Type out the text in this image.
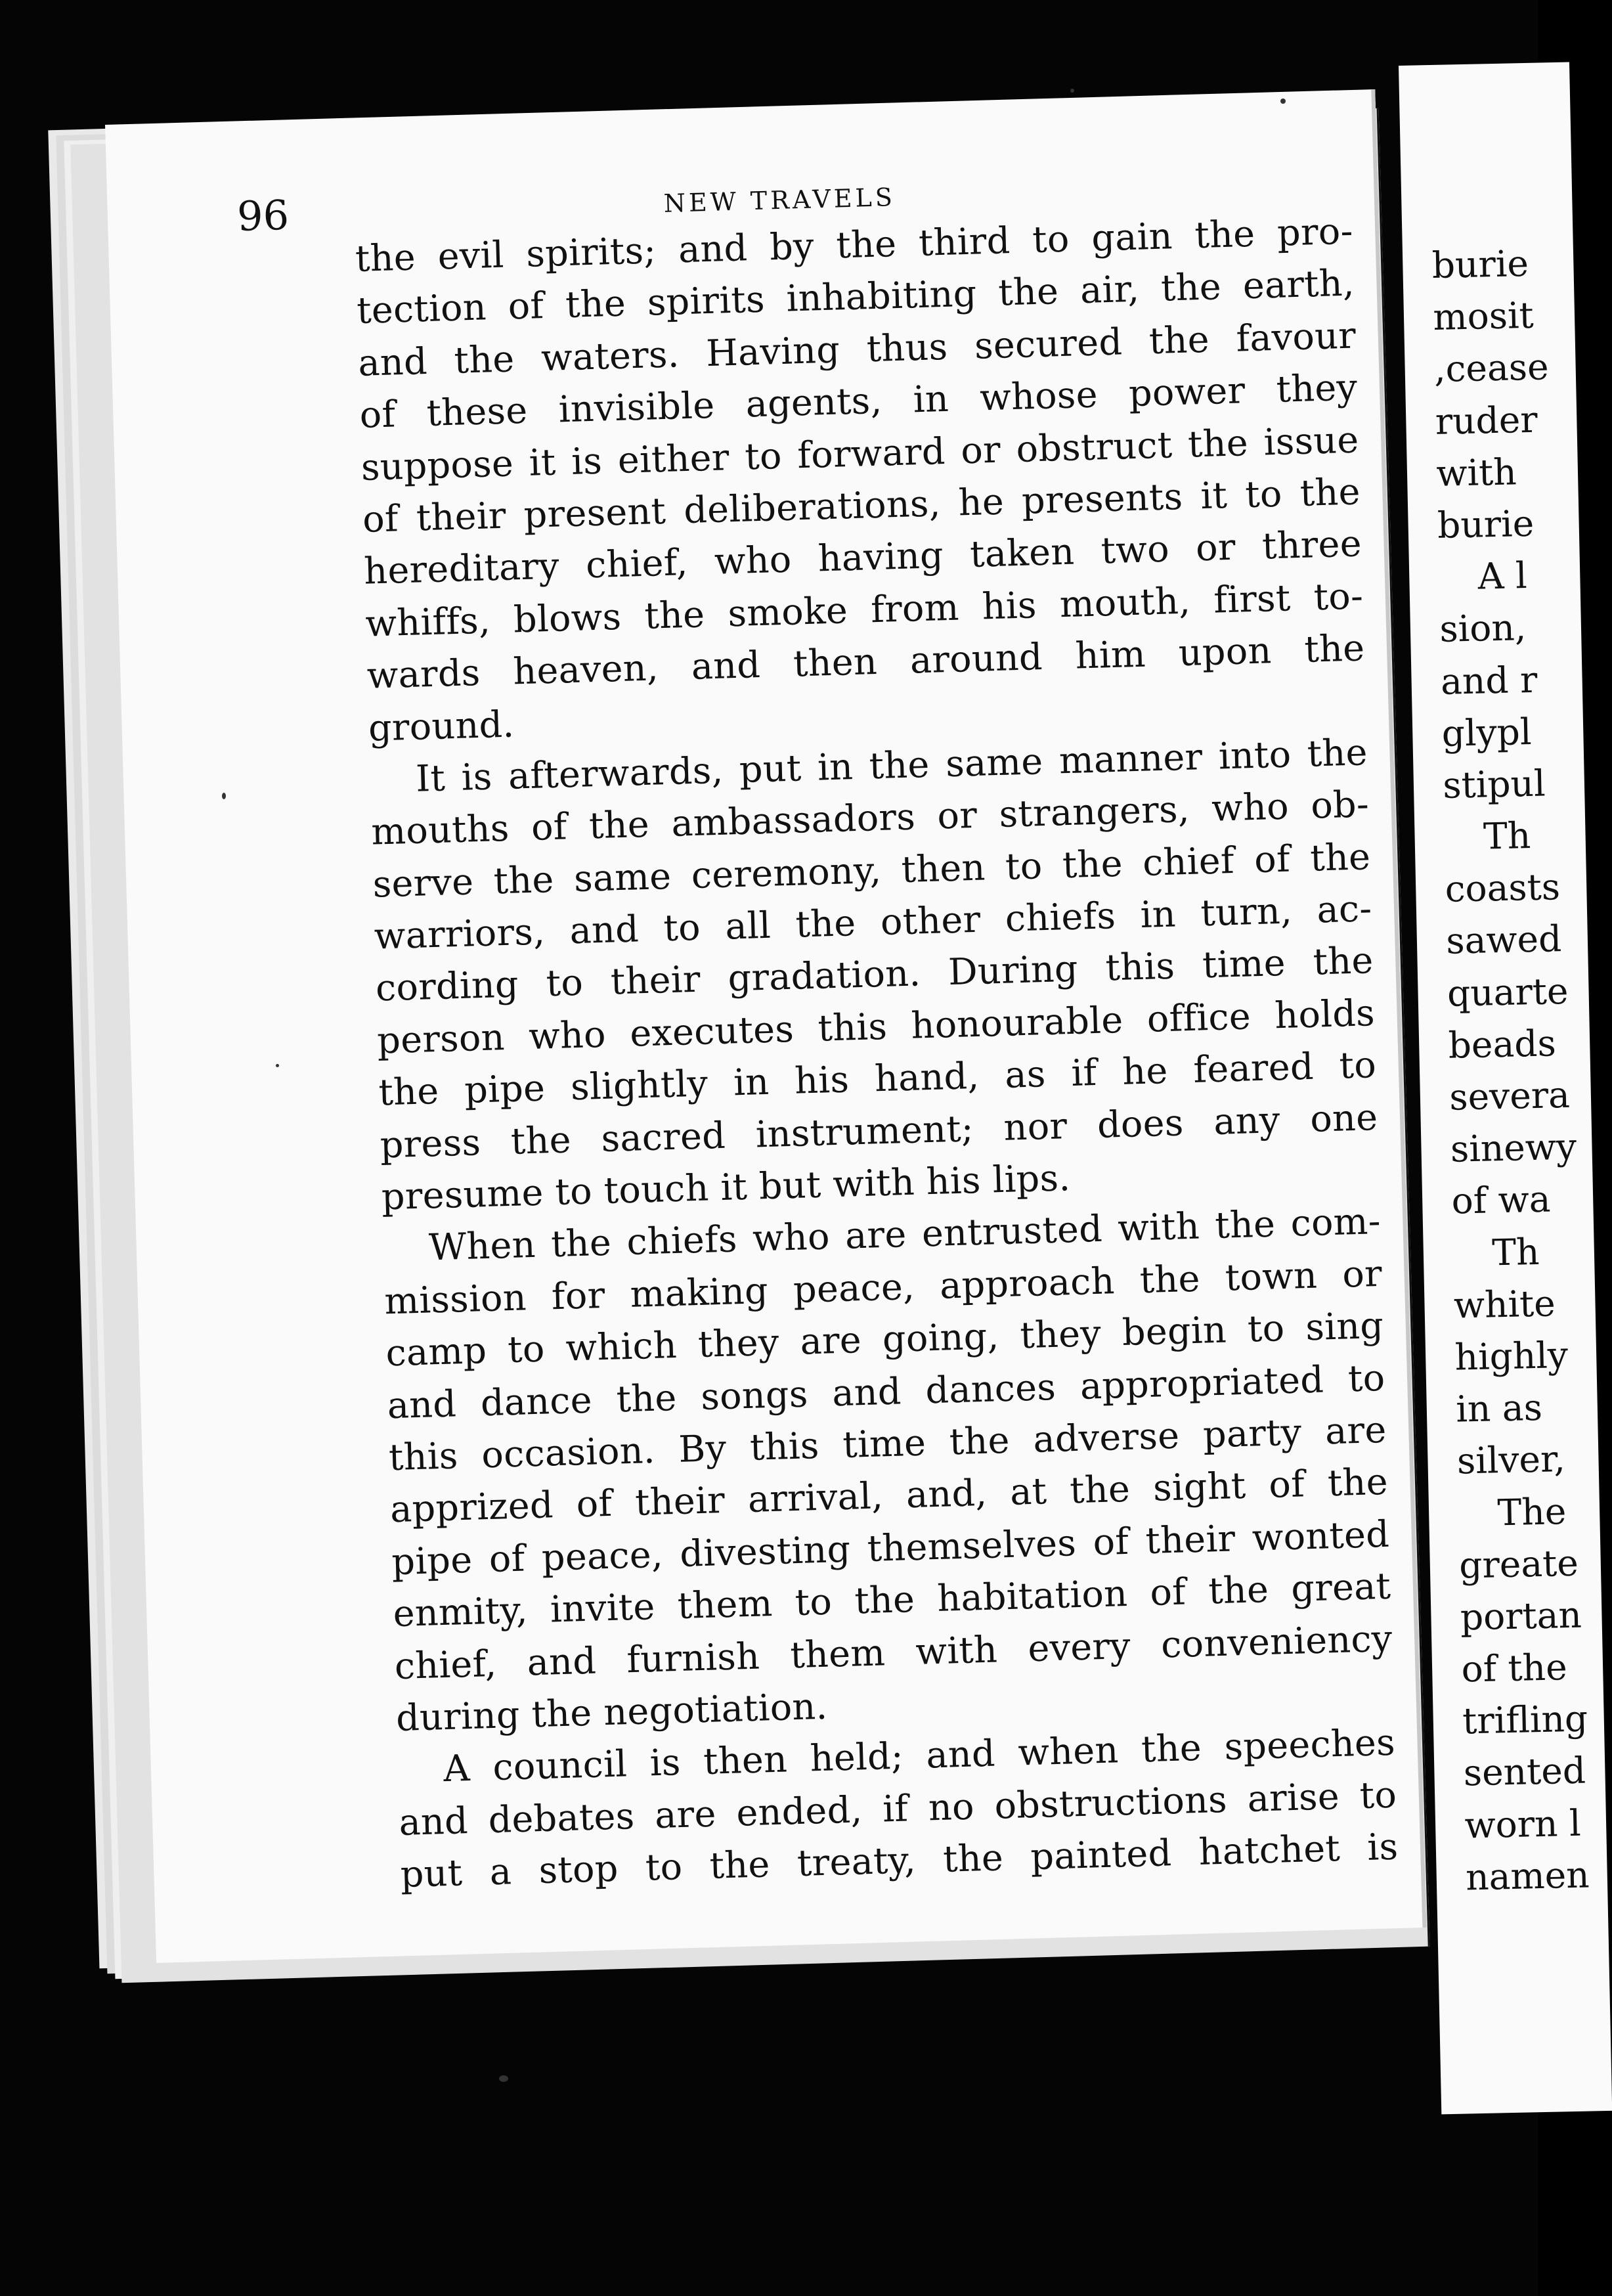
96	NEW TRAVELS
the evil spirits; and by the third to gain the pro-
tection of the spirits inhabiting the air, the earth,
and the waters. Having thus secured the favour
of these invisible agents, in whose power they
suppose it is either to forward or obstruct the issue
of their present deliberations, he presents it to the
hereditary chief, who having taken two or three
whiffs, blows the smoke from his mouth, first to-
wards heaven, and then around him upon the
ground.
It is afterwards, put in the same manner into the
mouths of the ambassadors or strangers, who ob-
serve the same ceremony, then to the chief of the
warriors, and to all the other chiefs in turn, ac-
cording to their gradation. During this time the
person who executes this honourable office holds
the pipe slightly in his hand, as if he feared to
press the sacred instrument; nor does any one
presume to touch it but with his lips.
When the chiefs who are entrusted with the com-
mission for making peace, approach the town or
camp to which they are going, they begin to sing
and dance the songs and dances appropriated to
this occasion. By this time the adverse party are
apprized of their arrival, and, at the sight of the
pipe of peace, divesting themselves of their wonted
enmity, invite them to the habitation of the great
chief, and furnish them with every conveniency
during the negotiation.
A council is then held; and when the speeches
and debates are ended, if no obstructions arise to
put a stop to the treaty, the painted hatchet is
burie
mosit
,cease
ruder
with
burie
A l
sion,
and r
glypl
stipul
Th
coasts
sawed
quarte
beads
severa
sinewy
of wa
Th
white
highly
in as
silver,
The
greate
portan
of the
trifling
sented
worn l
namen
